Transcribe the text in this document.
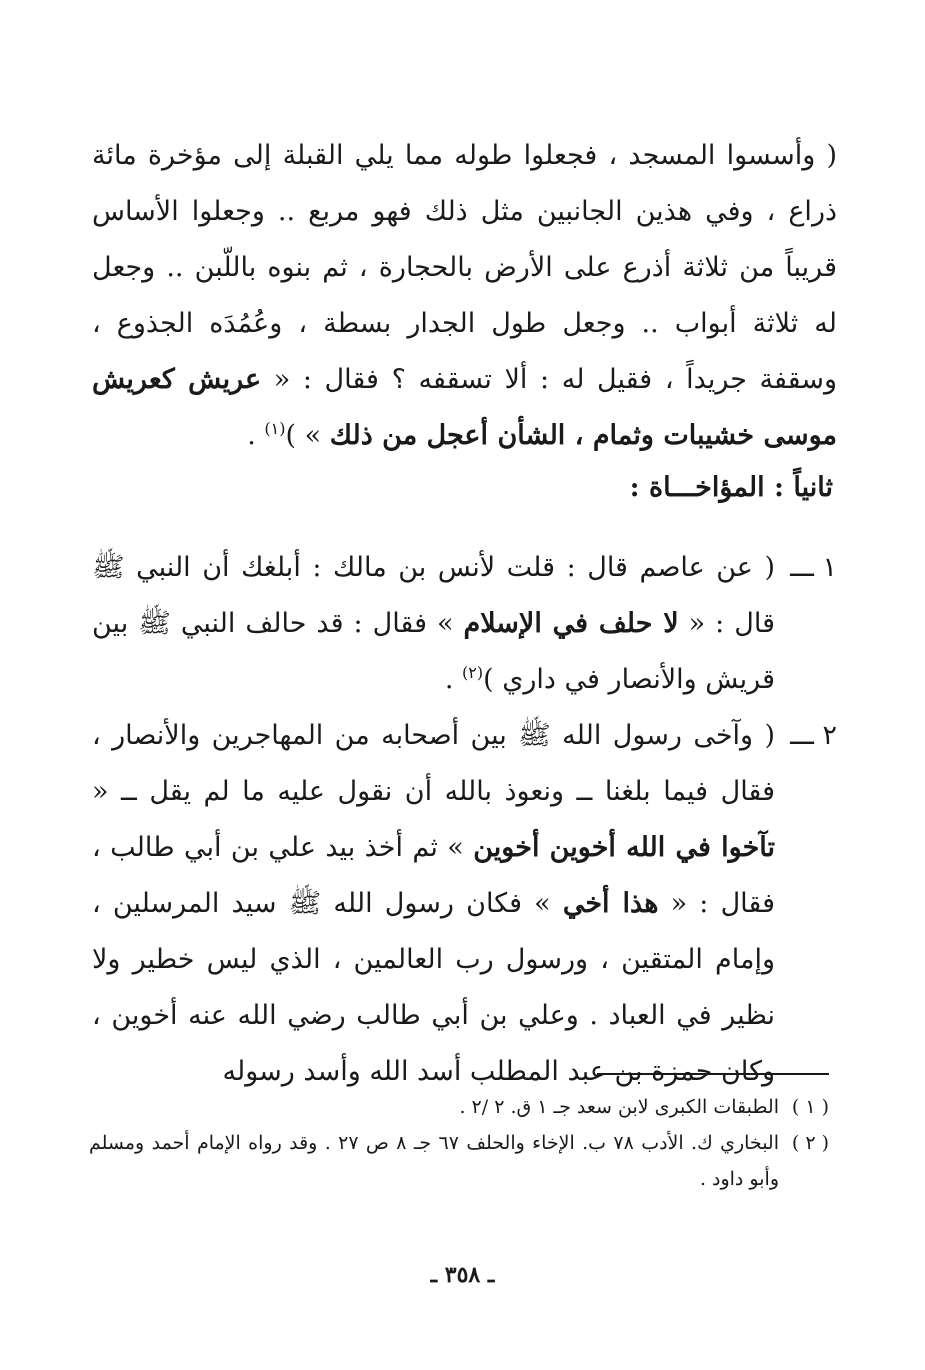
( وأسسوا المسجد ، فجعلوا طوله مما يلي القبلة إلى مؤخرة مائة ذراع ، وفي هذين الجانبين مثل ذلك فهو مربع .. وجعلوا الأساس قريباً من ثلاثة أذرع على الأرض بالحجارة ، ثم بنوه باللّبن .. وجعل له ثلاثة أبواب .. وجعل طول الجدار بسطة ، وعُمُدَه الجذوع ، وسقفة جريداً ، فقيل له : ألا تسقفه ؟ فقال : « عريش كعريش موسى خشيبات وثمام ، الشأن أعجل من ذلك » )$^{(١)}$ .

ثانياً : المؤاخـــاة :
١ ـــ

( عن عاصم قال : قلت لأنس بن مالك : أبلغك أن النبي ﷺ قال : « لا حلف في الإسلام » فقال : قد حالف النبي ﷺ بين قريش والأنصار في داري )$^{(٢)}$ .

٢ ـــ

( وآخى رسول الله ﷺ بين أصحابه من المهاجرين والأنصار ، فقال فيما بلغنا ــ ونعوذ بالله أن نقول عليه ما لم يقل ــ « تآخوا في الله أخوين أخوين » ثم أخذ بيد علي بن أبي طالب ، فقال : « هذا أخي » فكان رسول الله ﷺ سيد المرسلين ، وإمام المتقين ، ورسول رب العالمين ، الذي ليس خطير ولا نظير في العباد . وعلي بن أبي طالب رضي الله عنه أخوين ، وكان حمزة بن عبد المطلب أسد الله وأسد رسوله

( ١ )
الطبقات الكبرى لابن سعد جـ ١ ق. ٢ /٢ .
( ٢ )
البخاري ك. الأدب ٧٨ ب. الإخاء والحلف ٦٧ جـ ٨ ص ٢٧ . وقد رواه الإمام أحمد ومسلم وأبو داود .
ـ ٣٥٨ ـ
